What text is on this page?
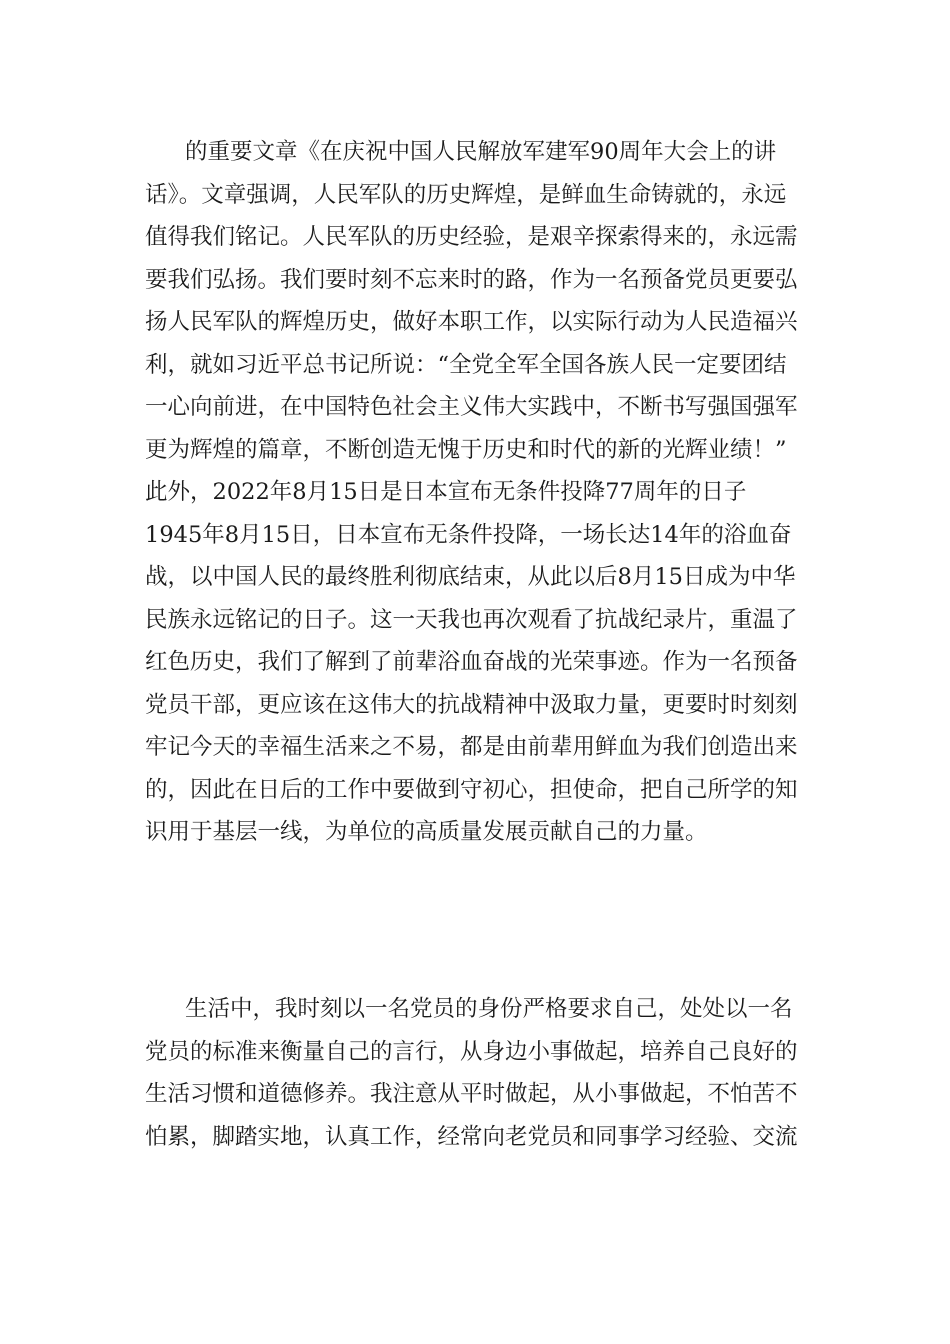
的重要文章《在庆祝中国人民解放军建军90周年大会上的讲
话》。文章强调，人民军队的历史辉煌，是鲜血生命铸就的，永远
值得我们铭记。人民军队的历史经验，是艰辛探索得来的，永远需
要我们弘扬。我们要时刻不忘来时的路，作为一名预备党员更要弘
扬人民军队的辉煌历史，做好本职工作，以实际行动为人民造福兴
利，就如习近平总书记所说：“全党全军全国各族人民一定要团结
一心向前进，在中国特色社会主义伟大实践中，不断书写强国强军
更为辉煌的篇章，不断创造无愧于历史和时代的新的光辉业绩！”
此外，2022年8月15日是日本宣布无条件投降77周年的日子
1945年8月15日，日本宣布无条件投降，一场长达14年的浴血奋
战，以中国人民的最终胜利彻底结束，从此以后8月15日成为中华
民族永远铭记的日子。这一天我也再次观看了抗战纪录片，重温了
红色历史，我们了解到了前辈浴血奋战的光荣事迹。作为一名预备
党员干部，更应该在这伟大的抗战精神中汲取力量，更要时时刻刻
牢记今天的幸福生活来之不易，都是由前辈用鲜血为我们创造出来
的，因此在日后的工作中要做到守初心，担使命，把自己所学的知
识用于基层一线，为单位的高质量发展贡献自己的力量。
生活中，我时刻以一名党员的身份严格要求自己，处处以一名
党员的标准来衡量自己的言行，从身边小事做起，培养自己良好的
生活习惯和道德修养。我注意从平时做起，从小事做起，不怕苦不
怕累，脚踏实地，认真工作，经常向老党员和同事学习经验、交流
